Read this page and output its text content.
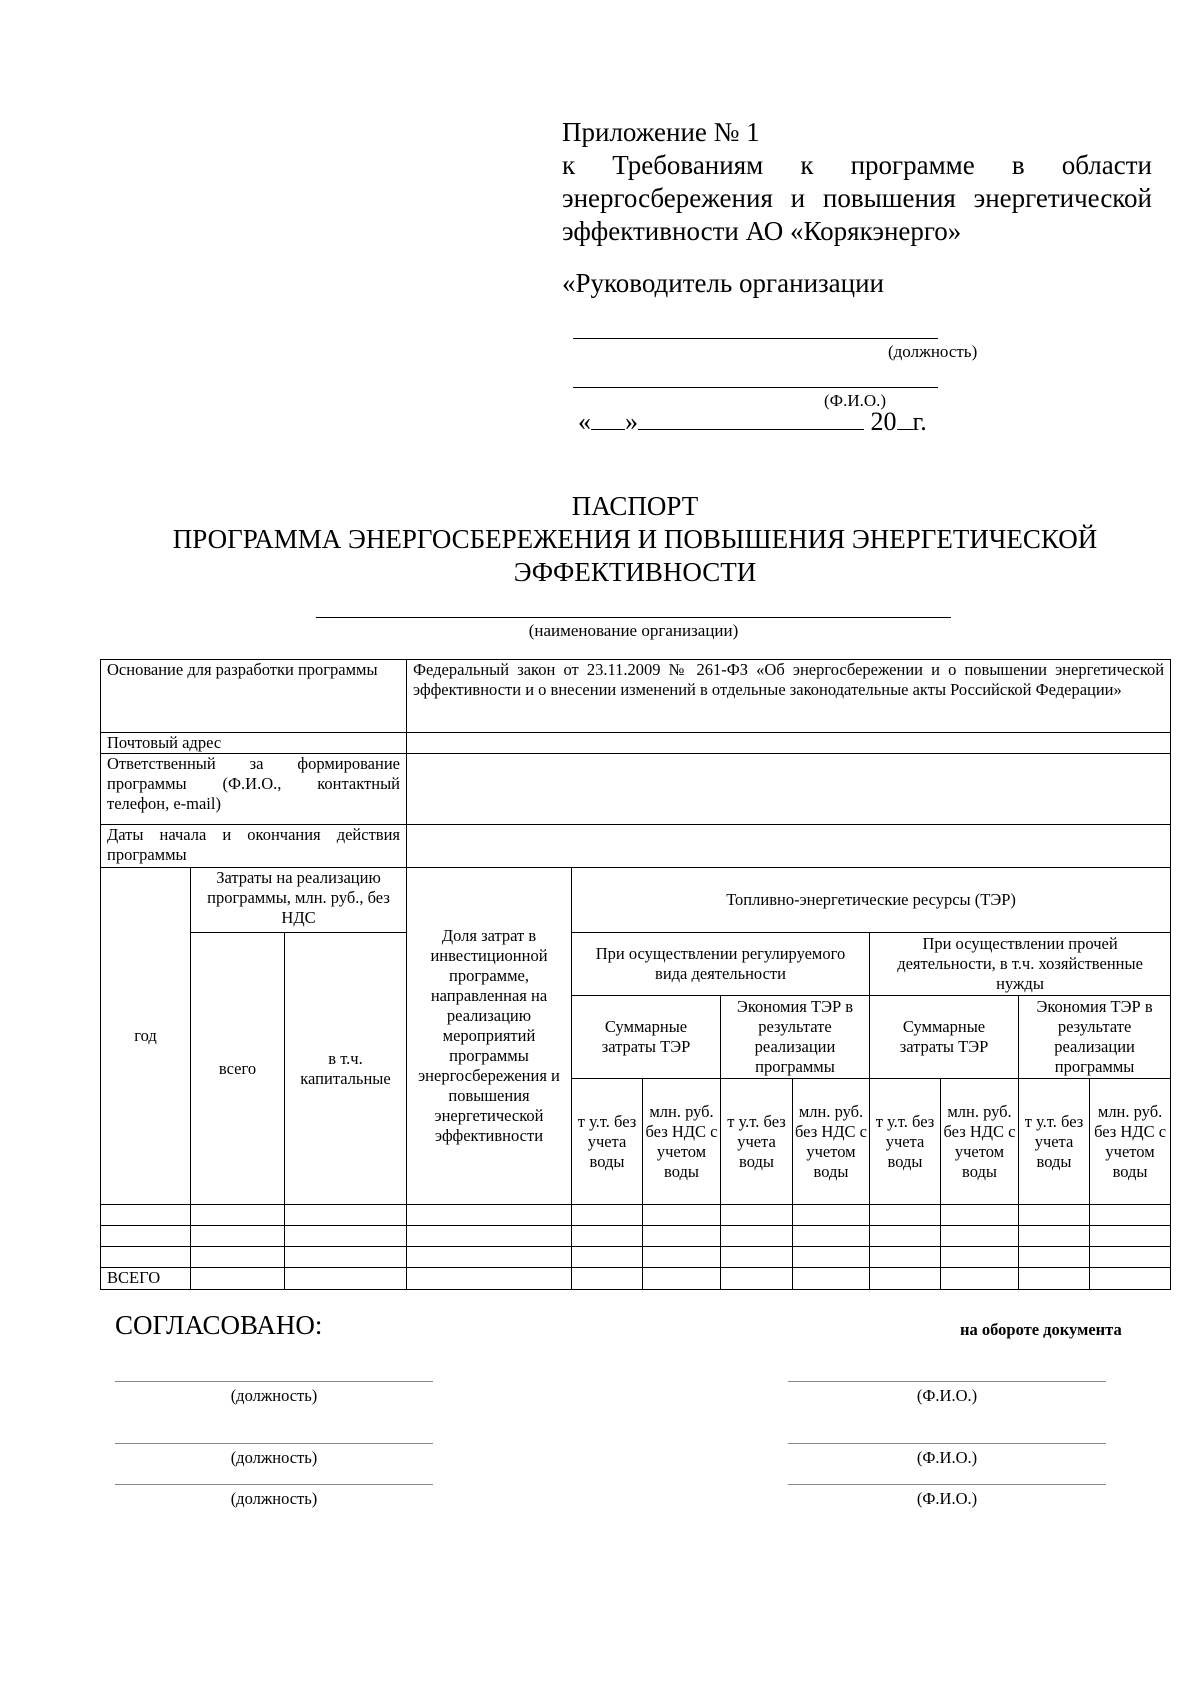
Приложение № 1
к Требованиям к программе в области
энергосбережения и повышения энергетической
эффективности АО «Корякэнерго»
«Руководитель организации
(должность)
(Ф.И.О.)
« »	20 г.
ПАСПОРТ
ПРОГРАММА ЭНЕРГОСБЕРЕЖЕНИЯ И ПОВЫШЕНИЯ ЭНЕРГЕТИЧЕСКОЙ
ЭФФЕКТИВНОСТИ
(наименование организации)
Основание для разработки программы			Федеральный закон от 23.11.2009 № 261-ФЗ «Об энергосбережении и о повышении энергетической эффективности и о внесении изменений в отдельные законодательные акты Российской Федерации»								
Почтовый адрес											
Ответственный за формирование программы (Ф.И.О., контактный телефон, e-mail)											
Даты начала и окончания действия программы											
год	Затраты на реализацию программы, млн. руб., без НДС		Доля затрат в инвестиционной программе, направленная на реализацию мероприятий программы энергосбережения и повышения энергетической эффективности	Топливно-энергетические ресурсы (ТЭР)							
	всего	в т.ч. капитальные		При осуществлении регулируемого вида деятельности				При осуществлении прочей деятельности, в т.ч. хозяйственные нужды			
				Суммарные затраты ТЭР		Экономия ТЭР в результате реализации программы		Суммарные затраты ТЭР		Экономия ТЭР в результате реализации программы	
				т у.т. без учета воды	млн. руб. без НДС с учетом воды	т у.т. без учета воды	млн. руб. без НДС с учетом воды	т у.т. без учета воды	млн. руб. без НДС с учетом воды	т у.т. без учета воды	млн. руб. без НДС с учетом воды

ВСЕГО											
СОГЛАСОВАНО:	на обороте документа
(должность)	(Ф.И.О.)
(должность)	(Ф.И.О.)
(должность)	(Ф.И.О.)
